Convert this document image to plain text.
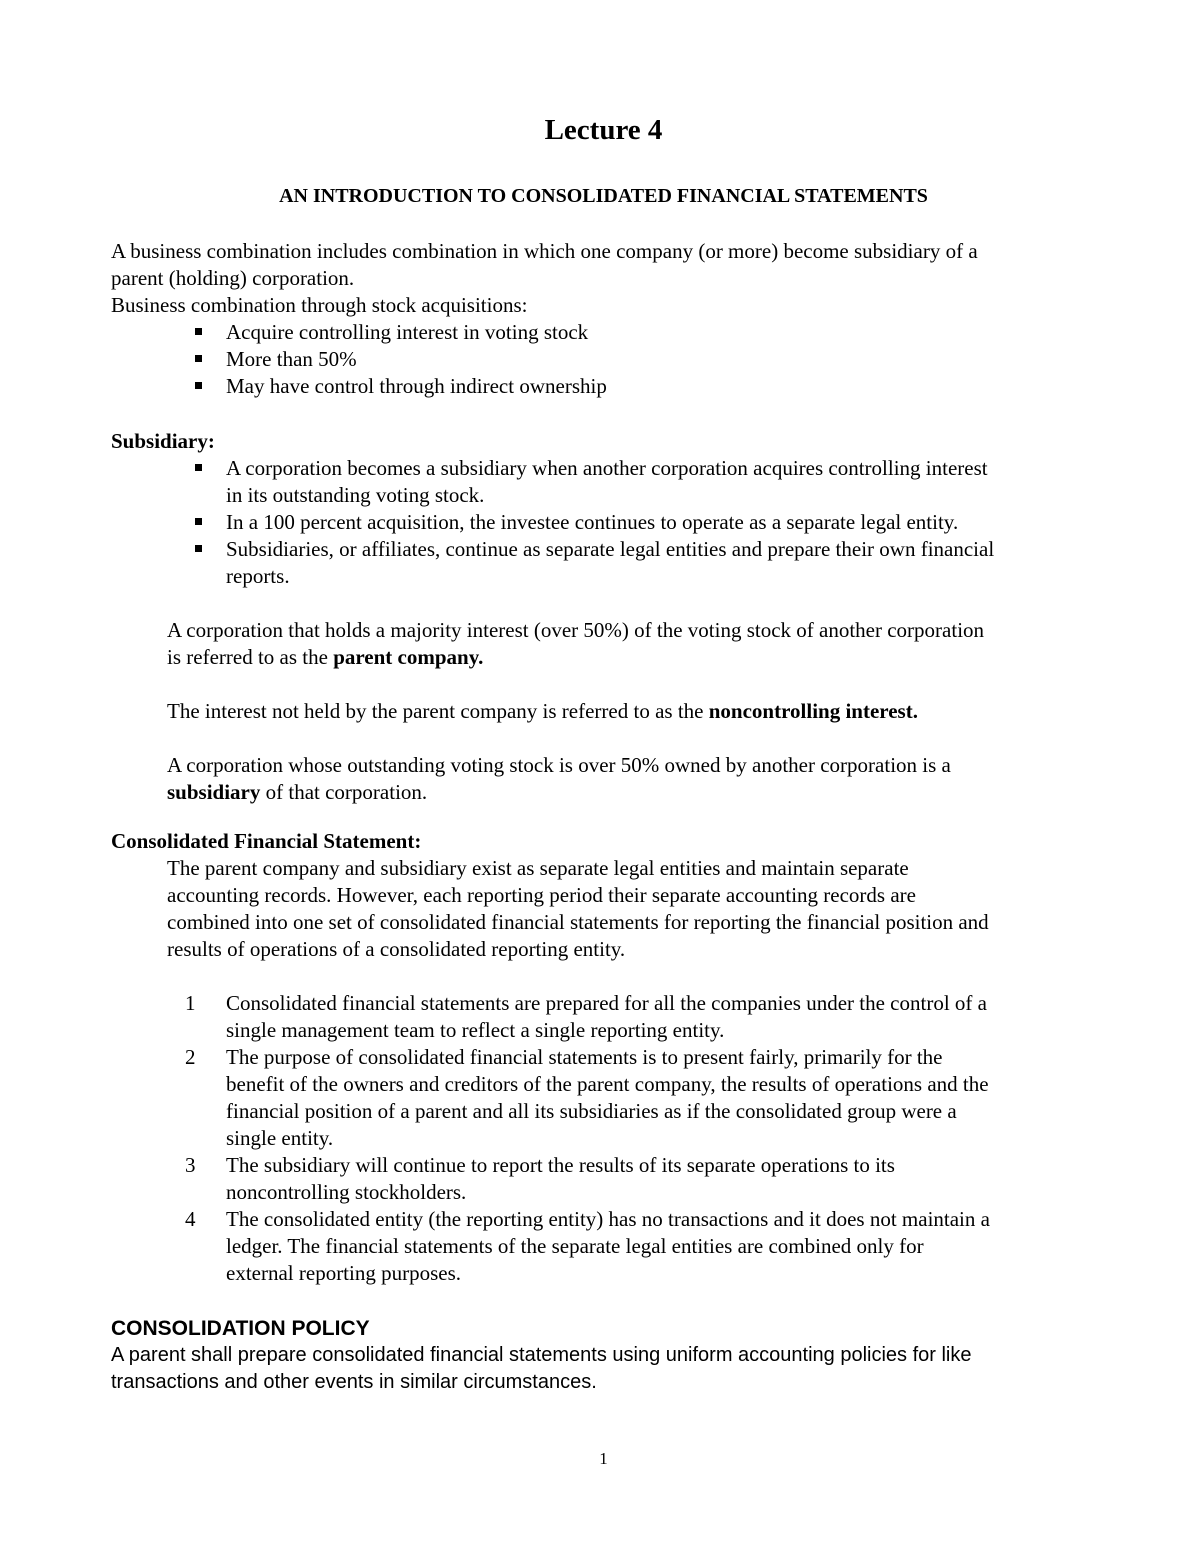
Lecture 4
AN INTRODUCTION TO CONSOLIDATED FINANCIAL STATEMENTS

A business combination includes combination in which one company (or more) become subsidiary of a

parent (holding) corporation.

Business combination through stock acquisitions:

Acquire controlling interest in voting stock
More than 50%
May have control through indirect ownership

Subsidiary:

A corporation becomes a subsidiary when another corporation acquires controlling interest
in its outstanding voting stock.
In a 100 percent acquisition, the investee continues to operate as a separate legal entity.
Subsidiaries, or affiliates, continue as separate legal entities and prepare their own financial
reports.
A corporation that holds a majority interest (over 50%) of the voting stock of another corporation
is referred to as the parent company.
The interest not held by the parent company is referred to as the noncontrolling interest.
A corporation whose outstanding voting stock is over 50% owned by another corporation is a
subsidiary of that corporation.

Consolidated Financial Statement:

The parent company and subsidiary exist as separate legal entities and maintain separate
accounting records. However, each reporting period their separate accounting records are
combined into one set of consolidated financial statements for reporting the financial position and
results of operations of a consolidated reporting entity.
1 Consolidated financial statements are prepared for all the companies under the control of a
single management team to reflect a single reporting entity.
2 The purpose of consolidated financial statements is to present fairly, primarily for the
benefit of the owners and creditors of the parent company, the results of operations and the
financial position of a parent and all its subsidiaries as if the consolidated group were a
single entity.
3 The subsidiary will continue to report the results of its separate operations to its
noncontrolling stockholders.
4 The consolidated entity (the reporting entity) has no transactions and it does not maintain a
ledger. The financial statements of the separate legal entities are combined only for
external reporting purposes.

CONSOLIDATION POLICY

A parent shall prepare consolidated financial statements using uniform accounting policies for like

transactions and other events in similar circumstances.

1
